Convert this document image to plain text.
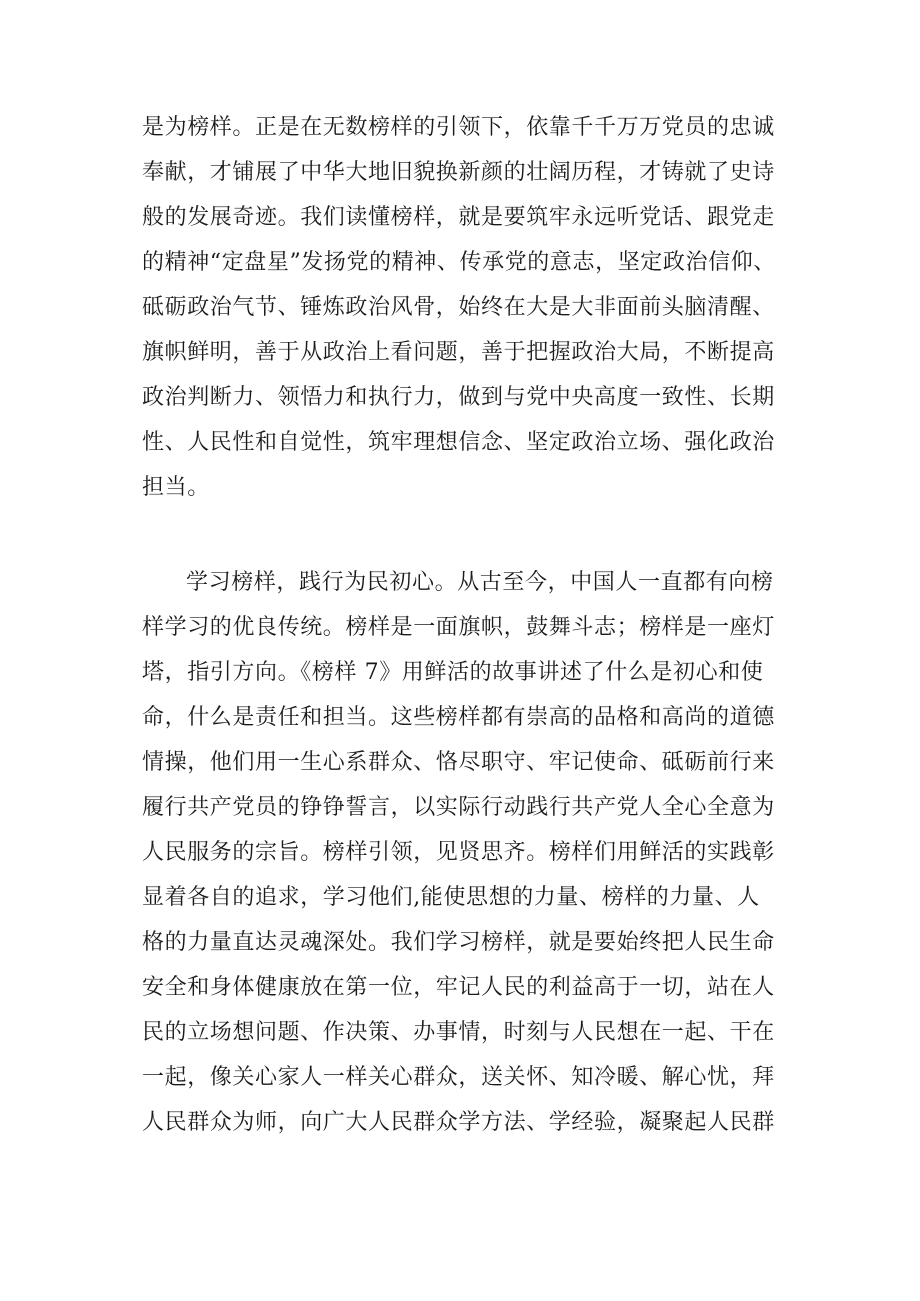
是为榜样。正是在无数榜样的引领下，依靠千千万万党员的忠诚
奉献，才铺展了中华大地旧貌换新颜的壮阔历程，才铸就了史诗
般的发展奇迹。我们读懂榜样，就是要筑牢永远听党话、跟党走
的精神“定盘星”发扬党的精神、传承党的意志，坚定政治信仰、
砥砺政治气节、锤炼政治风骨，始终在大是大非面前头脑清醒、
旗帜鲜明，善于从政治上看问题，善于把握政治大局，不断提高
政治判断力、领悟力和执行力，做到与党中央高度一致性、长期
性、人民性和自觉性，筑牢理想信念、坚定政治立场、强化政治
担当。
学习榜样，践行为民初心。从古至今，中国人一直都有向榜
样学习的优良传统。榜样是一面旗帜，鼓舞斗志；榜样是一座灯
塔，指引方向。《榜样 7》用鲜活的故事讲述了什么是初心和使
命，什么是责任和担当。这些榜样都有崇高的品格和高尚的道德
情操，他们用一生心系群众、恪尽职守、牢记使命、砥砺前行来
履行共产党员的铮铮誓言，以实际行动践行共产党人全心全意为
人民服务的宗旨。榜样引领，见贤思齐。榜样们用鲜活的实践彰
显着各自的追求，学习他们,能使思想的力量、榜样的力量、人
格的力量直达灵魂深处。我们学习榜样，就是要始终把人民生命
安全和身体健康放在第一位，牢记人民的利益高于一切，站在人
民的立场想问题、作决策、办事情，时刻与人民想在一起、干在
一起，像关心家人一样关心群众，送关怀、知冷暖、解心忧，拜
人民群众为师，向广大人民群众学方法、学经验，凝聚起人民群
